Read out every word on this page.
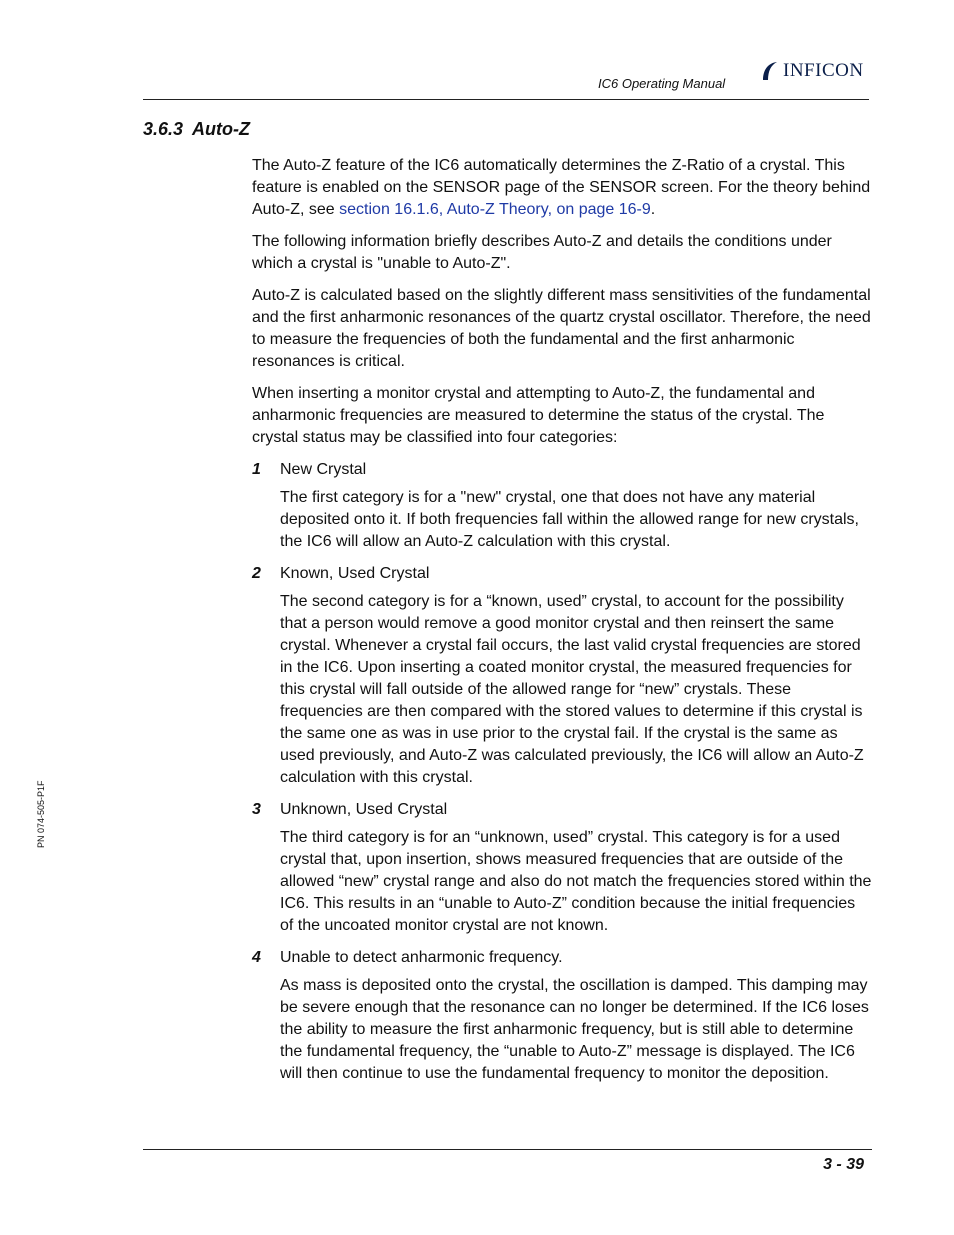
IC6 Operating Manual
INFICON
3.6.3 Auto-Z

The Auto-Z feature of the IC6 automatically determines the Z-Ratio of a crystal. This feature is enabled on the SENSOR page of the SENSOR screen. For the theory behind Auto-Z, see section 16.1.6, Auto-Z Theory, on page 16-9.

The following information briefly describes Auto-Z and details the conditions under which a crystal is "unable to Auto-Z".

Auto-Z is calculated based on the slightly different mass sensitivities of the fundamental and the first anharmonic resonances of the quartz crystal oscillator. Therefore, the need to measure the frequencies of both the fundamental and the first anharmonic resonances is critical.

When inserting a monitor crystal and attempting to Auto-Z, the fundamental and anharmonic frequencies are measured to determine the status of the crystal. The crystal status may be classified into four categories:

1 New Crystal

The first category is for a "new" crystal, one that does not have any material deposited onto it. If both frequencies fall within the allowed range for new crystals, the IC6 will allow an Auto-Z calculation with this crystal.

2 Known, Used Crystal

The second category is for a “known, used” crystal, to account for the possibility that a person would remove a good monitor crystal and then reinsert the same crystal. Whenever a crystal fail occurs, the last valid crystal frequencies are stored in the IC6. Upon inserting a coated monitor crystal, the measured frequencies for this crystal will fall outside of the allowed range for “new” crystals. These frequencies are then compared with the stored values to determine if this crystal is the same one as was in use prior to the crystal fail. If the crystal is the same as used previously, and Auto-Z was calculated previously, the IC6 will allow an Auto-Z calculation with this crystal.

3 Unknown, Used Crystal

The third category is for an “unknown, used” crystal. This category is for a used crystal that, upon insertion, shows measured frequencies that are outside of the allowed “new” crystal range and also do not match the frequencies stored within the IC6. This results in an “unable to Auto-Z” condition because the initial frequencies of the uncoated monitor crystal are not known.

4 Unable to detect anharmonic frequency.

As mass is deposited onto the crystal, the oscillation is damped. This damping may be severe enough that the resonance can no longer be determined. If the IC6 loses the ability to measure the first anharmonic frequency, but is still able to determine the fundamental frequency, the “unable to Auto-Z” message is displayed. The IC6 will then continue to use the fundamental frequency to monitor the deposition.

PN 074-505-P1F
3 - 39
